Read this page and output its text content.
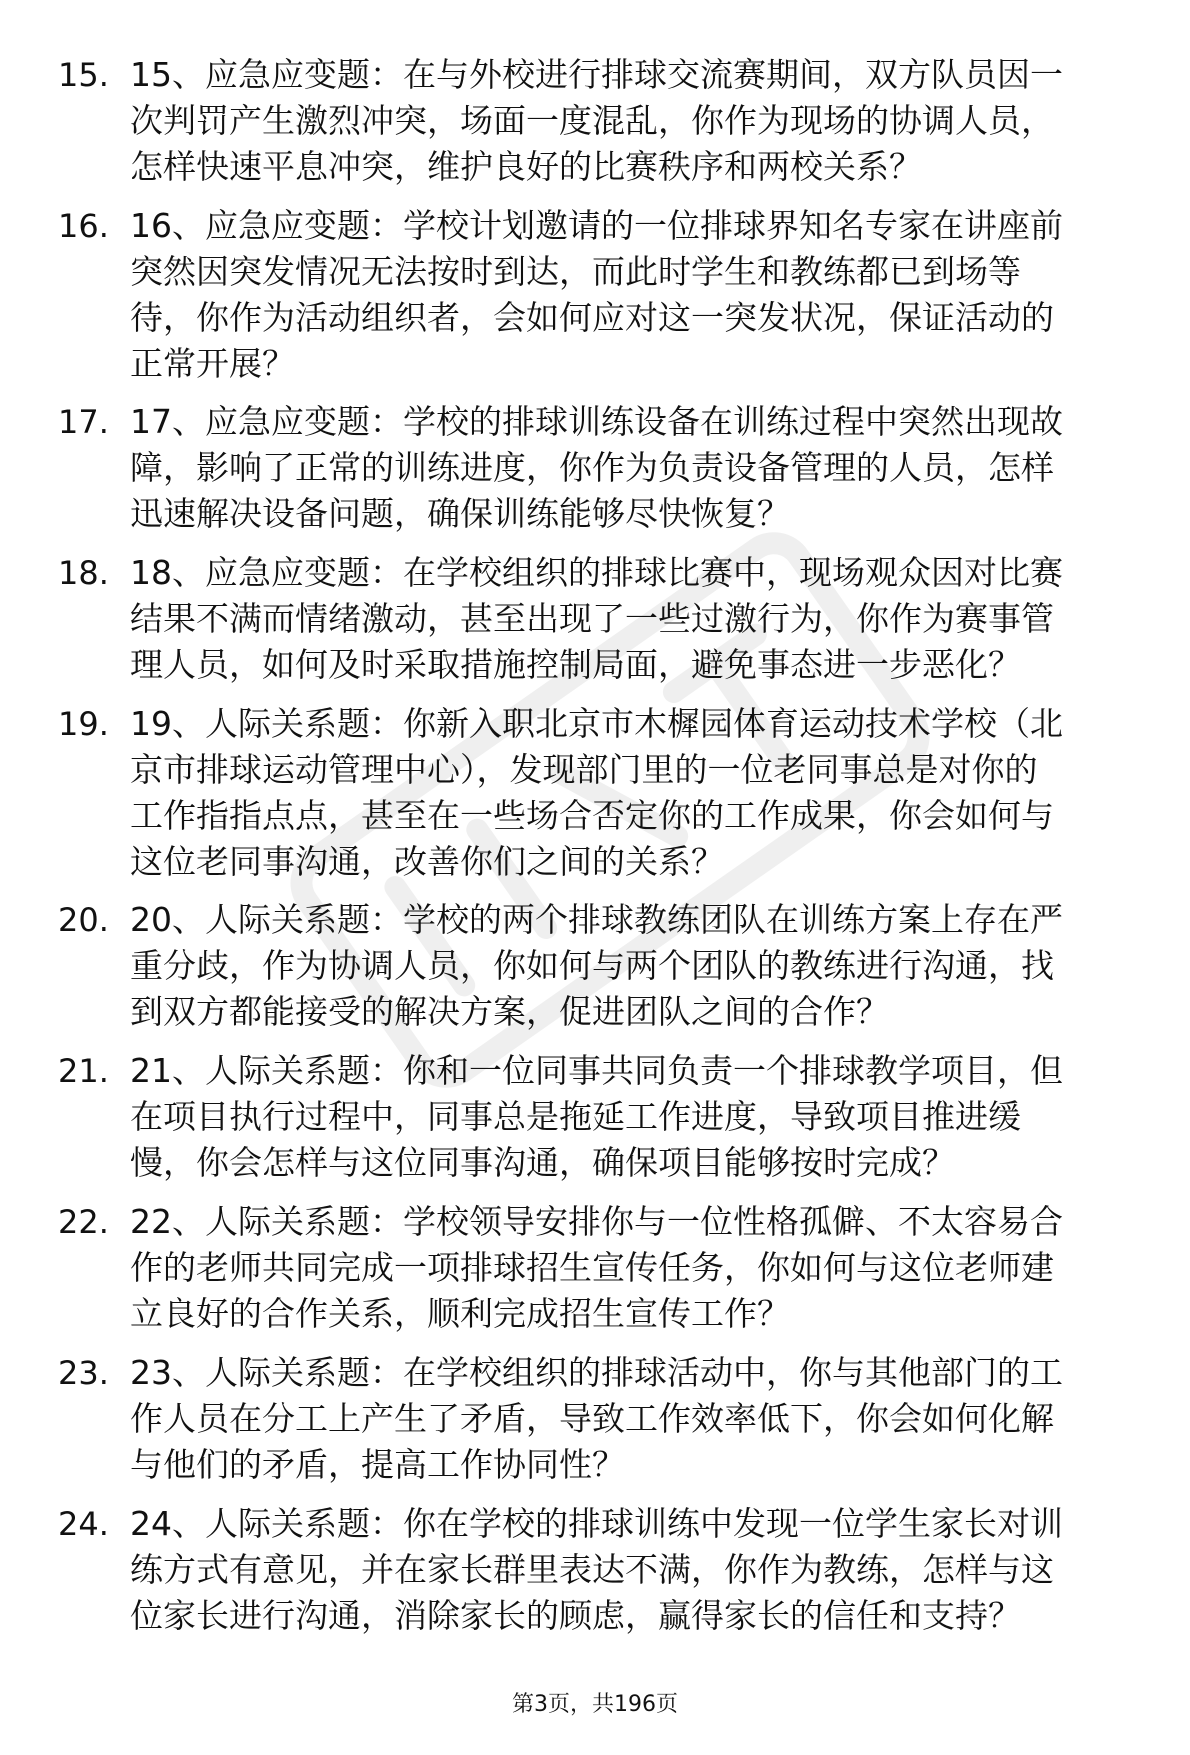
15. 15、应急应变题：在与外校进行排球交流赛期间，双方队员因一
次判罚产生激烈冲突，场面一度混乱，你作为现场的协调人员，
怎样快速平息冲突，维护良好的比赛秩序和两校关系？
16. 16、应急应变题：学校计划邀请的一位排球界知名专家在讲座前
突然因突发情况无法按时到达，而此时学生和教练都已到场等
待，你作为活动组织者，会如何应对这一突发状况，保证活动的
正常开展？
17. 17、应急应变题：学校的排球训练设备在训练过程中突然出现故
障，影响了正常的训练进度，你作为负责设备管理的人员，怎样
迅速解决设备问题，确保训练能够尽快恢复？
18. 18、应急应变题：在学校组织的排球比赛中，现场观众因对比赛
结果不满而情绪激动，甚至出现了一些过激行为，你作为赛事管
理人员，如何及时采取措施控制局面，避免事态进一步恶化？
19. 19、人际关系题：你新入职北京市木樨园体育运动技术学校（北
京市排球运动管理中心），发现部门里的一位老同事总是对你的
工作指指点点，甚至在一些场合否定你的工作成果，你会如何与
这位老同事沟通，改善你们之间的关系？
20. 20、人际关系题：学校的两个排球教练团队在训练方案上存在严
重分歧，作为协调人员，你如何与两个团队的教练进行沟通，找
到双方都能接受的解决方案，促进团队之间的合作？
21. 21、人际关系题：你和一位同事共同负责一个排球教学项目，但
在项目执行过程中，同事总是拖延工作进度，导致项目推进缓
慢，你会怎样与这位同事沟通，确保项目能够按时完成？
22. 22、人际关系题：学校领导安排你与一位性格孤僻、不太容易合
作的老师共同完成一项排球招生宣传任务，你如何与这位老师建
立良好的合作关系，顺利完成招生宣传工作？
23. 23、人际关系题：在学校组织的排球活动中，你与其他部门的工
作人员在分工上产生了矛盾，导致工作效率低下，你会如何化解
与他们的矛盾，提高工作协同性？
24. 24、人际关系题：你在学校的排球训练中发现一位学生家长对训
练方式有意见，并在家长群里表达不满，你作为教练，怎样与这
位家长进行沟通，消除家长的顾虑，赢得家长的信任和支持？
第3页，共196页
